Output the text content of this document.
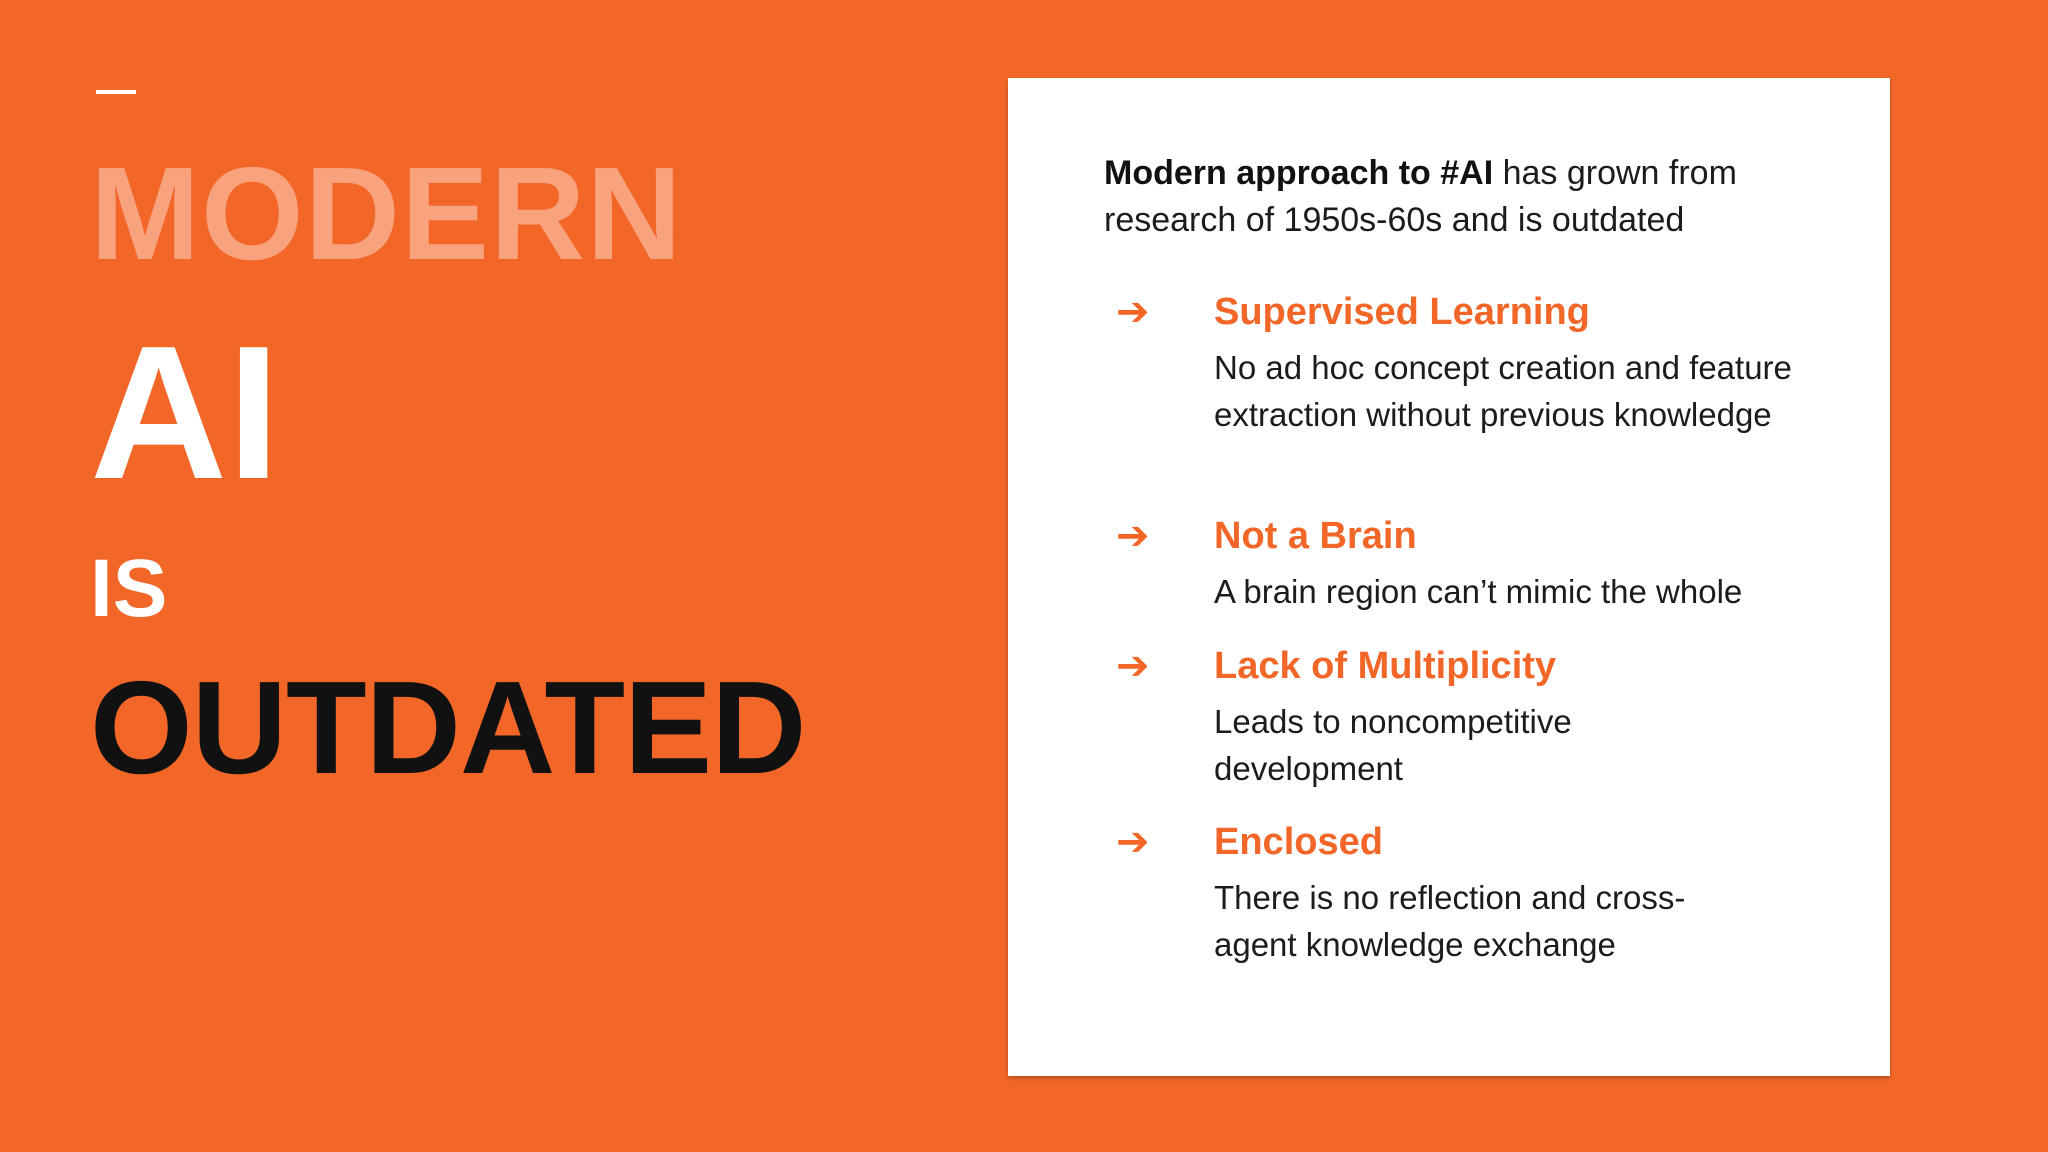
MODERN
AI
IS
OUTDATED

Modern approach to #AI has grown from research of 1950s-60s and is outdated

➔ Supervised Learning

No ad hoc concept creation and feature extraction without previous knowledge

➔ Not a Brain

A brain region can’t mimic the whole

➔ Lack of Multiplicity

Leads to noncompetitive development

➔ Enclosed

There is no reflection and cross-agent knowledge exchange
